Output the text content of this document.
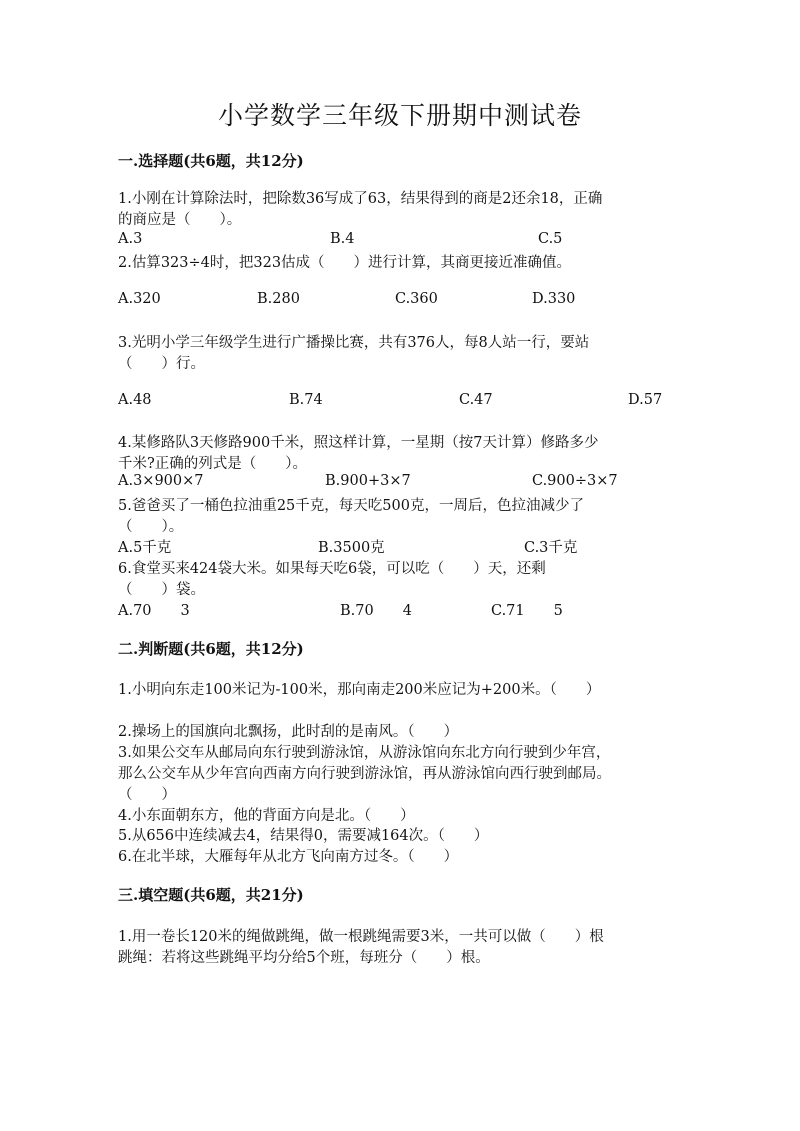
小学数学三年级下册期中测试卷
一.选择题(共6题，共12分)
1.小刚在计算除法时，把除数36写成了63，结果得到的商是2还余18，正确
的商应是（　　）。
A.3	B.4	C.5
2.估算323÷4时，把323估成（　　）进行计算，其商更接近准确值。
A.320	B.280	C.360	D.330
3.光明小学三年级学生进行广播操比赛，共有376人，每8人站一行，要站
（　　）行。
A.48	B.74	C.47	D.57
4.某修路队3天修路900千米，照这样计算，一星期（按7天计算）修路多少
千米?正确的列式是（　　）。
A.3×900×7	B.900+3×7	C.900÷3×7
5.爸爸买了一桶色拉油重25千克，每天吃500克，一周后，色拉油减少了
（　　）。
A.5千克	B.3500克	C.3千克
6.食堂买来424袋大米。如果每天吃6袋，可以吃（　　）天，还剩
（　　）袋。
A.70　　3	B.70　　4	C.71　　5
二.判断题(共6题，共12分)
1.小明向东走100米记为-100米，那向南走200米应记为+200米。（　　）
2.操场上的国旗向北飘扬，此时刮的是南风。（　　）
3.如果公交车从邮局向东行驶到游泳馆，从游泳馆向东北方向行驶到少年宫，
那么公交车从少年宫向西南方向行驶到游泳馆，再从游泳馆向西行驶到邮局。
（　　）
4.小东面朝东方，他的背面方向是北。（　　）
5.从656中连续减去4，结果得0，需要减164次。（　　）
6.在北半球，大雁每年从北方飞向南方过冬。（　　）
三.填空题(共6题，共21分)
1.用一卷长120米的绳做跳绳，做一根跳绳需要3米，一共可以做（　　）根
跳绳：若将这些跳绳平均分给5个班，每班分（　　）根。
